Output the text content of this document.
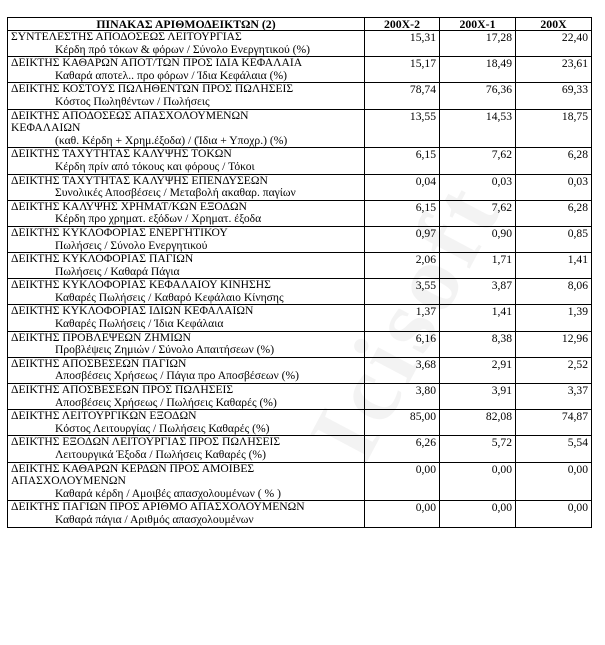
ΠΙΝΑΚΑΣ ΑΡΙΘΜΟΔΕΙΚΤΩΝ (2)	200Χ-2	200Χ-1	200Χ

ΣΥΝΤΕΛΕΣΤΗΣ ΑΠΟΔΟΣΕΩΣ ΛΕΙΤΟΥΡΓΙΑΣ
Κέρδη πρό τόκων & φόρων / Σύνολο Ενεργητικού (%)	15,31	17,28	22,40

ΔΕΙΚΤΗΣ ΚΑΘΑΡΩΝ ΑΠΟΤ/ΤΩΝ ΠΡΟΣ ΙΔΙΑ ΚΕΦΑΛΑΙΑ
Καθαρά αποτελ.. προ φόρων / Ίδια Κεφάλαια (%)	15,17	18,49	23,61

ΔΕΙΚΤΗΣ ΚΟΣΤΟΥΣ ΠΩΛΗΘΕΝΤΩΝ ΠΡΟΣ ΠΩΛΗΣΕΙΣ
Κόστος Πωληθέντων / Πωλήσεις	78,74	76,36	69,33

ΔΕΙΚΤΗΣ ΑΠΟΔΟΣΕΩΣ ΑΠΑΣΧΟΛΟΥΜΕΝΩΝ
ΚΕΦΑΛΑΙΩΝ
(καθ. Κέρδη + Χρημ.έξοδα) / (Ίδια + Υποχρ.) (%)	13,55	14,53	18,75

ΔΕΙΚΤΗΣ ΤΑΧΥΤΗΤΑΣ ΚΑΛΥΨΗΣ ΤΟΚΩΝ
Κέρδη πρίν από τόκους και φόρους / Τόκοι	6,15	7,62	6,28

ΔΕΙΚΤΗΣ ΤΑΧΥΤΗΤΑΣ ΚΑΛΥΨΗΣ ΕΠΕΝΔΥΣΕΩΝ
Συνολικές Αποσβέσεις / Μεταβολή ακαθαρ. παγίων	0,04	0,03	0,03

ΔΕΙΚΤΗΣ ΚΑΛΥΨΗΣ ΧΡΗΜΑΤ/ΚΩΝ ΕΞΟΔΩΝ
Κέρδη προ χρηματ. εξόδων / Χρηματ. έξοδα	6,15	7,62	6,28

ΔΕΙΚΤΗΣ ΚΥΚΛΟΦΟΡΙΑΣ ΕΝΕΡΓΗΤΙΚΟΥ
Πωλήσεις / Σύνολο Ενεργητικού	0,97	0,90	0,85

ΔΕΙΚΤΗΣ ΚΥΚΛΟΦΟΡΙΑΣ ΠΑΓΙΩΝ
Πωλήσεις / Καθαρά Πάγια	2,06	1,71	1,41

ΔΕΙΚΤΗΣ ΚΥΚΛΟΦΟΡΙΑΣ ΚΕΦΑΛΑΙΟΥ ΚΙΝΗΣΗΣ
Καθαρές Πωλήσεις / Καθαρό Κεφάλαιο Κίνησης	3,55	3,87	8,06

ΔΕΙΚΤΗΣ ΚΥΚΛΟΦΟΡΙΑΣ ΙΔΙΩΝ ΚΕΦΑΛΑΙΩΝ
Καθαρές Πωλήσεις / Ίδια Κεφάλαια	1,37	1,41	1,39

ΔΕΙΚΤΗΣ ΠΡΟΒΛΕΨΕΩΝ ΖΗΜΙΩΝ
Προβλέψεις Ζημιών / Σύνολο Απαιτήσεων (%)	6,16	8,38	12,96

ΔΕΙΚΤΗΣ ΑΠΟΣΒΕΣΕΩΝ ΠΑΓΙΩΝ
Αποσβέσεις Χρήσεως / Πάγια προ Αποσβέσεων (%)	3,68	2,91	2,52

ΔΕΙΚΤΗΣ ΑΠΟΣΒΕΣΕΩΝ ΠΡΟΣ ΠΩΛΗΣΕΙΣ
Αποσβέσεις Χρήσεως / Πωλήσεις Καθαρές (%)	3,80	3,91	3,37

ΔΕΙΚΤΗΣ ΛΕΙΤΟΥΡΓΙΚΩΝ ΕΞΟΔΩΝ
Κόστος Λειτουργίας / Πωλήσεις Καθαρές (%)	85,00	82,08	74,87

ΔΕΙΚΤΗΣ ΕΞΟΔΩΝ ΛΕΙΤΟΥΡΓΙΑΣ ΠΡΟΣ ΠΩΛΗΣΕΙΣ
Λειτουργικά Έξοδα / Πωλήσεις Καθαρές (%)	6,26	5,72	5,54

ΔΕΙΚΤΗΣ ΚΑΘΑΡΩΝ ΚΕΡΔΩΝ ΠΡΟΣ ΑΜΟΙΒΕΣ
ΑΠΑΣΧΟΛΟΥΜΕΝΩΝ
Καθαρά κέρδη / Αμοιβές απασχολουμένων ( % )	0,00	0,00	0,00

ΔΕΙΚΤΗΣ ΠΑΓΙΩΝ ΠΡΟΣ ΑΡΙΘΜΟ ΑΠΑΣΧΟΛΟΥΜΕΝΩΝ
Καθαρά πάγια / Αριθμός απασχολουμένων	0,00	0,00	0,00
